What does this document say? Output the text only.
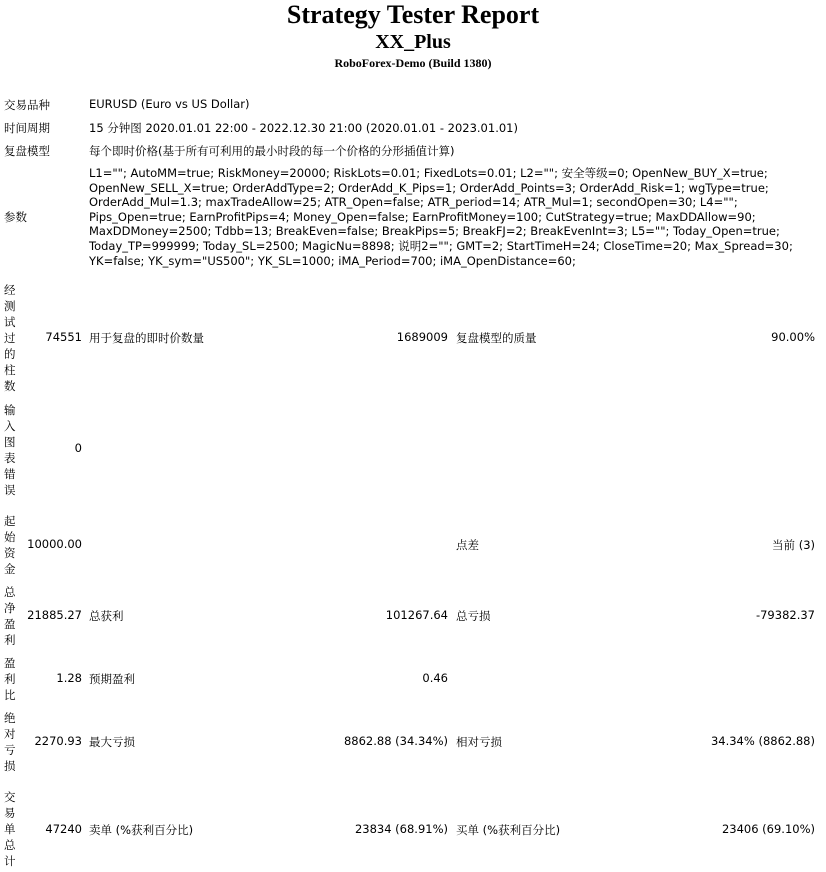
Strategy Tester Report
XX_Plus
RoboForex-Demo (Build 1380)
交易品种	EURUSD (Euro vs US Dollar)
时间周期	15 分钟图 2020.01.01 22:00 - 2022.12.30 21:00 (2020.01.01 - 2023.01.01)
复盘模型	每个即时价格(基于所有可利用的最小时段的每一个价格的分形插值计算)
参数
L1=""; AutoMM=true; RiskMoney=20000; RiskLots=0.01; FixedLots=0.01; L2=""; 安全等级=0; OpenNew_BUY_X=true; OpenNew_SELL_X=true; OrderAddType=2; OrderAdd_K_Pips=1; OrderAdd_Points=3; OrderAdd_Risk=1; wgType=true; OrderAdd_Mul=1.3; maxTradeAllow=25; ATR_Open=false; ATR_period=14; ATR_Mul=1; secondOpen=30; L4=""; Pips_Open=true; EarnProfitPips=4; Money_Open=false; EarnProfitMoney=100; CutStrategy=true; MaxDDAllow=90; MaxDDMoney=2500; Tdbb=13; BreakEven=false; BreakPips=5; BreakFJ=2; BreakEvenInt=3; L5=""; Today_Open=true; Today_TP=999999; Today_SL=2500; MagicNu=8898; 说明2=""; GMT=2; StartTimeH=24; CloseTime=20; Max_Spread=30; YK=false; YK_sym="US500"; YK_SL=1000; iMA_Period=700; iMA_OpenDistance=60;
经测试过的柱数
74551 用于复盘的即时价数量	1689009 复盘模型的质量	90.00%
输入图表错误
0
起始资金
10000.00	点差	当前 (3)
总净盈利
21885.27 总获利	101267.64 总亏损	-79382.37
盈利比
1.28 预期盈利	0.46
绝对亏损
2270.93 最大亏损	8862.88 (34.34%) 相对亏损	34.34% (8862.88)
交易单总计
47240 卖单 (%获利百分比)	23834 (68.91%) 买单 (%获利百分比)	23406 (69.10%)
